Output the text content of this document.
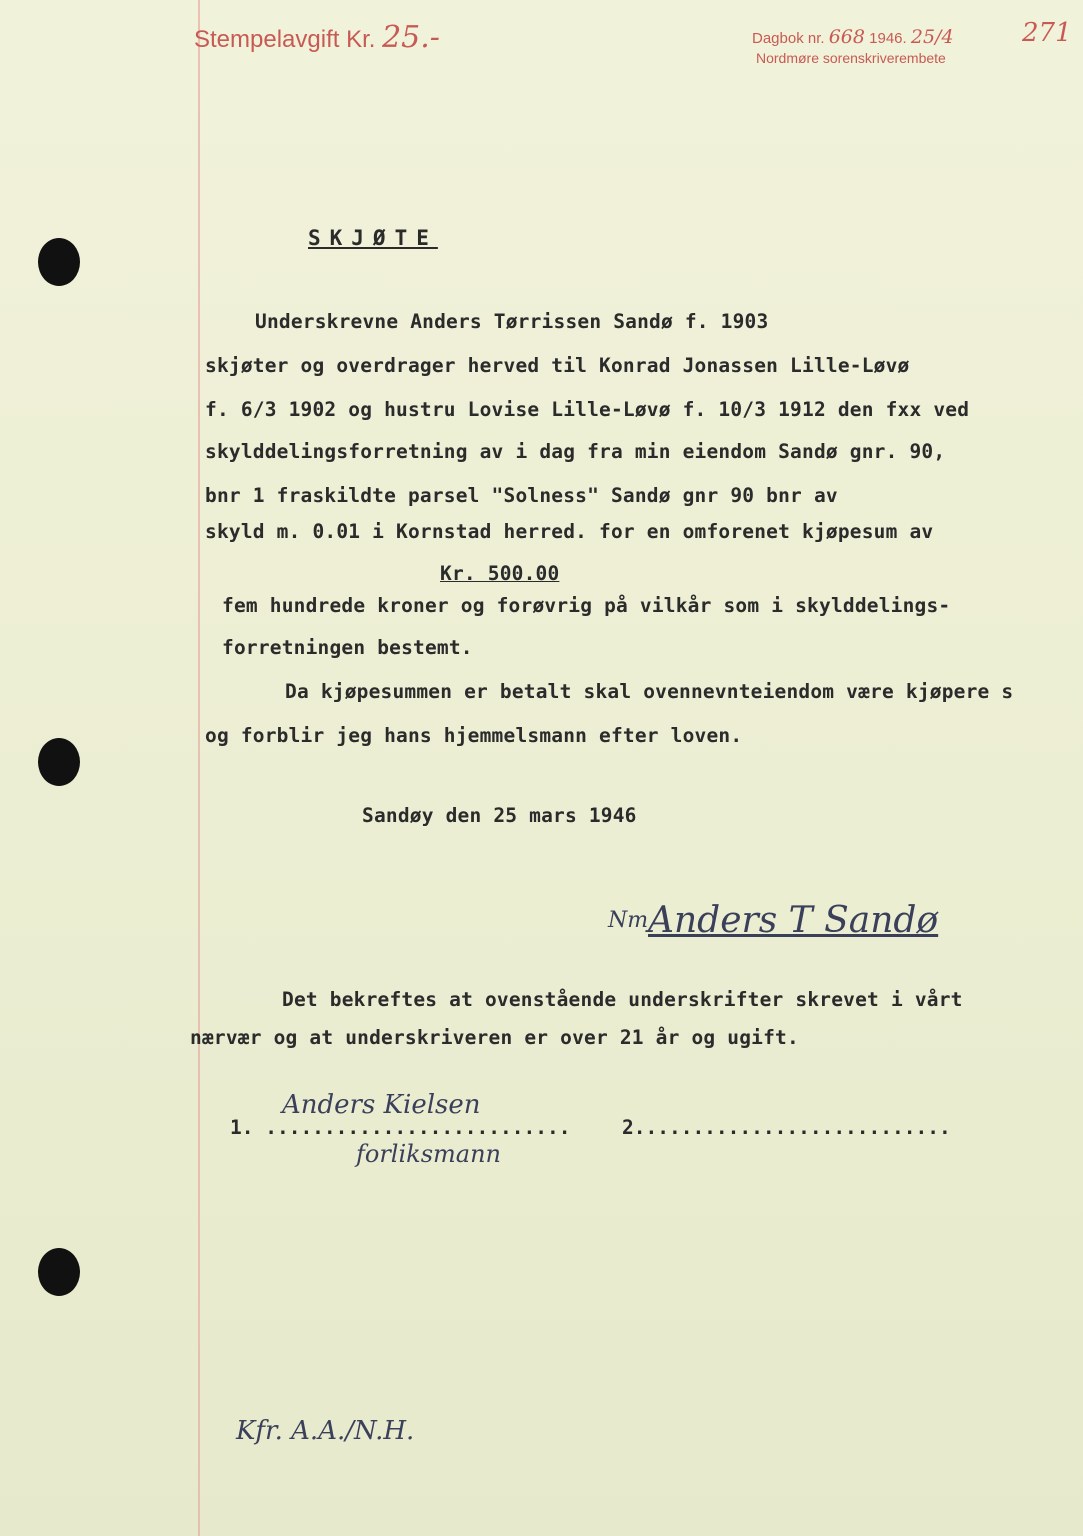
Stempelavgift Kr. 25.-	Dagbok nr. 668 1946. 25/4	271
Nordmøre sorenskriverembete
SKJØTE
Underskrevne Anders Tørrissen Sandø f. 1903
skjøter og overdrager herved til Konrad Jonassen Lille-Løvø
f. 6/3 1902 og hustru Lovise Lille-Løvø f. 10/3 1912 den fxx ved
skylddelingsforretning av i dag fra min eiendom Sandø gnr. 90,
bnr 1 fraskildte parsel "Solness" Sandø gnr 90 bnr av
skyld m. 0.01 i Kornstad herred. for en omforenet kjøpesum av
Kr. 500.00
fem hundrede kroner og forøvrig på vilkår som i skylddelings-
forretningen bestemt.
Da kjøpesummen er betalt skal ovennevnteiendom være kjøpere s
og forblir jeg hans hjemmelsmann efter loven.
Sandøy den 25 mars 1946
Nm Anders T Sandø
Det bekreftes at ovenstående underskrifter skrevet i vårt
nærvær og at underskriveren er over 21 år og ugift.
1. ..........................	2...........................
Anders Kielsen
forliksmann
Kfr. A.A./N.H.
